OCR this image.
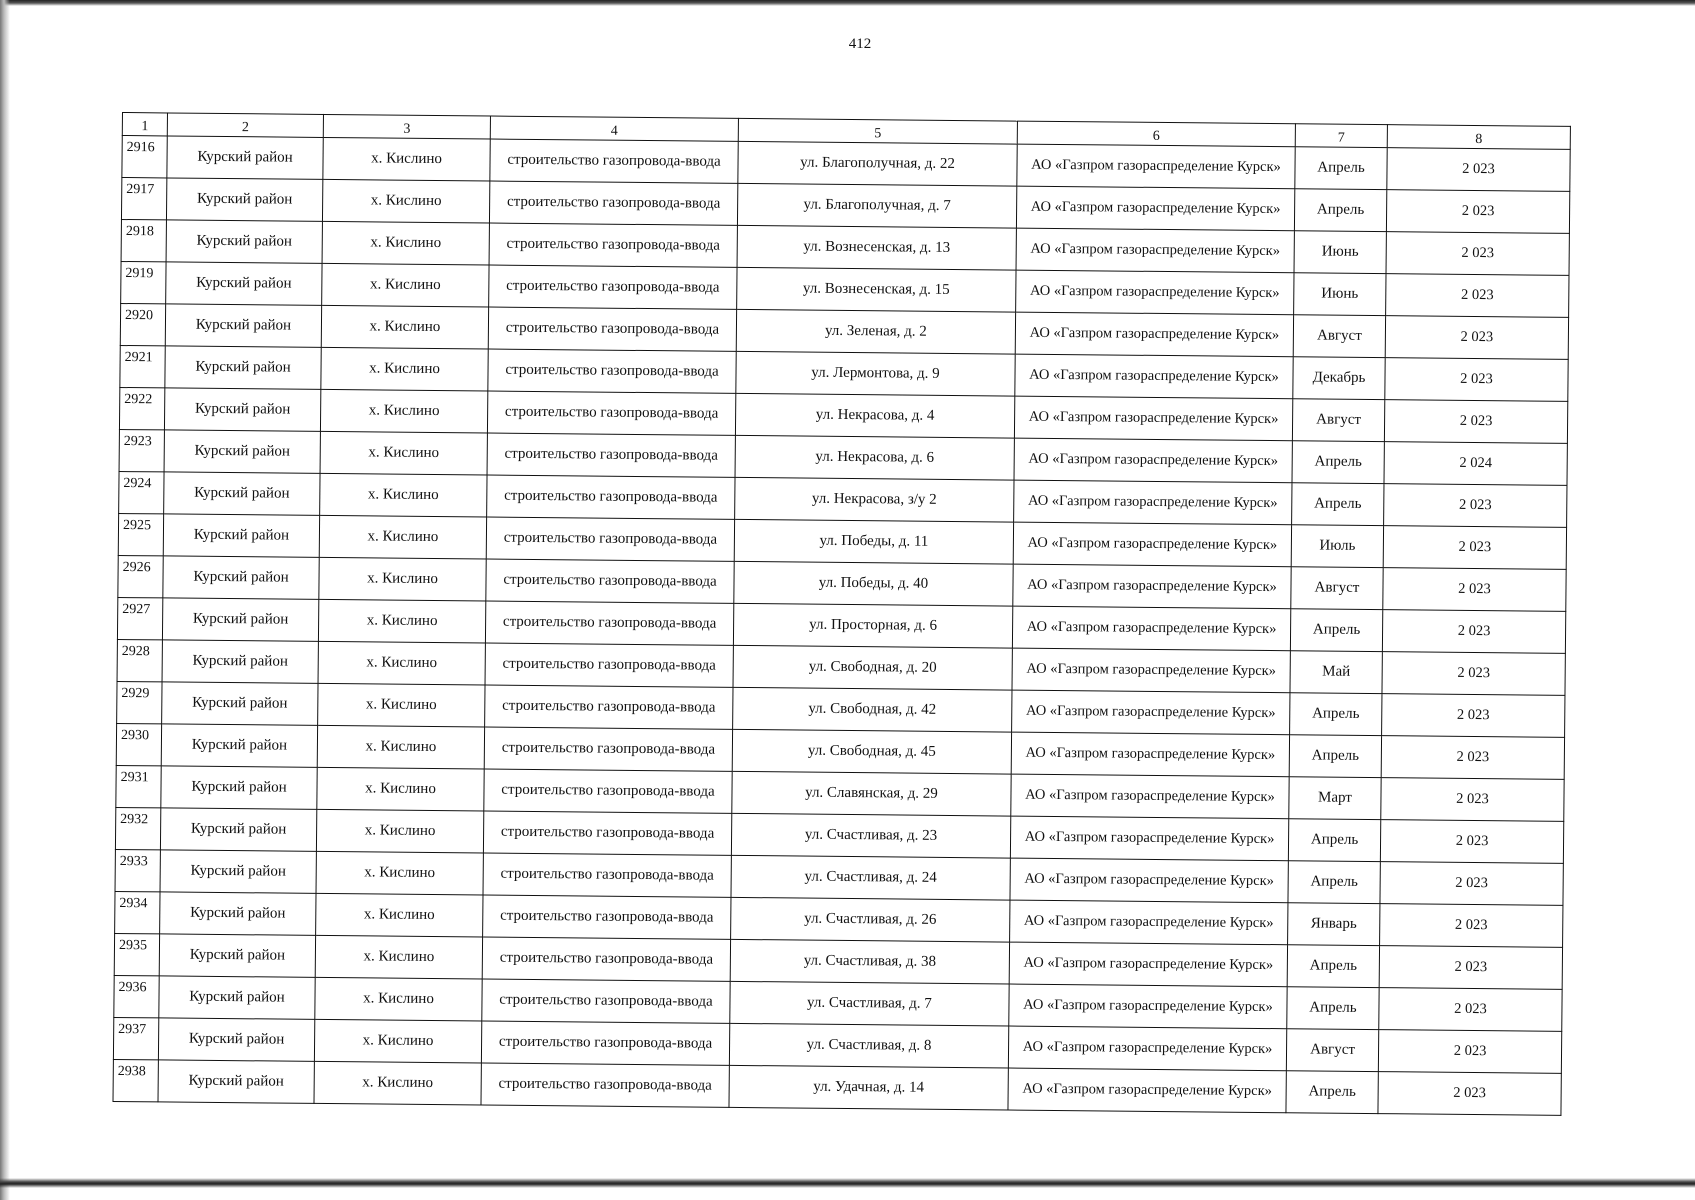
412
1	2	3	4	5	6	7	8
2916	Курский район	х. Кислино	строительство газопровода-ввода	ул. Благополучная, д. 22	АО «Газпром газораспределение Курск»	Апрель	2 023
2917	Курский район	х. Кислино	строительство газопровода-ввода	ул. Благополучная, д. 7	АО «Газпром газораспределение Курск»	Апрель	2 023
2918	Курский район	х. Кислино	строительство газопровода-ввода	ул. Вознесенская, д. 13	АО «Газпром газораспределение Курск»	Июнь	2 023
2919	Курский район	х. Кислино	строительство газопровода-ввода	ул. Вознесенская, д. 15	АО «Газпром газораспределение Курск»	Июнь	2 023
2920	Курский район	х. Кислино	строительство газопровода-ввода	ул. Зеленая, д. 2	АО «Газпром газораспределение Курск»	Август	2 023
2921	Курский район	х. Кислино	строительство газопровода-ввода	ул. Лермонтова, д. 9	АО «Газпром газораспределение Курск»	Декабрь	2 023
2922	Курский район	х. Кислино	строительство газопровода-ввода	ул. Некрасова, д. 4	АО «Газпром газораспределение Курск»	Август	2 023
2923	Курский район	х. Кислино	строительство газопровода-ввода	ул. Некрасова, д. 6	АО «Газпром газораспределение Курск»	Апрель	2 024
2924	Курский район	х. Кислино	строительство газопровода-ввода	ул. Некрасова, з/у 2	АО «Газпром газораспределение Курск»	Апрель	2 023
2925	Курский район	х. Кислино	строительство газопровода-ввода	ул. Победы, д. 11	АО «Газпром газораспределение Курск»	Июль	2 023
2926	Курский район	х. Кислино	строительство газопровода-ввода	ул. Победы, д. 40	АО «Газпром газораспределение Курск»	Август	2 023
2927	Курский район	х. Кислино	строительство газопровода-ввода	ул. Просторная, д. 6	АО «Газпром газораспределение Курск»	Апрель	2 023
2928	Курский район	х. Кислино	строительство газопровода-ввода	ул. Свободная, д. 20	АО «Газпром газораспределение Курск»	Май	2 023
2929	Курский район	х. Кислино	строительство газопровода-ввода	ул. Свободная, д. 42	АО «Газпром газораспределение Курск»	Апрель	2 023
2930	Курский район	х. Кислино	строительство газопровода-ввода	ул. Свободная, д. 45	АО «Газпром газораспределение Курск»	Апрель	2 023
2931	Курский район	х. Кислино	строительство газопровода-ввода	ул. Славянская, д. 29	АО «Газпром газораспределение Курск»	Март	2 023
2932	Курский район	х. Кислино	строительство газопровода-ввода	ул. Счастливая, д. 23	АО «Газпром газораспределение Курск»	Апрель	2 023
2933	Курский район	х. Кислино	строительство газопровода-ввода	ул. Счастливая, д. 24	АО «Газпром газораспределение Курск»	Апрель	2 023
2934	Курский район	х. Кислино	строительство газопровода-ввода	ул. Счастливая, д. 26	АО «Газпром газораспределение Курск»	Январь	2 023
2935	Курский район	х. Кислино	строительство газопровода-ввода	ул. Счастливая, д. 38	АО «Газпром газораспределение Курск»	Апрель	2 023
2936	Курский район	х. Кислино	строительство газопровода-ввода	ул. Счастливая, д. 7	АО «Газпром газораспределение Курск»	Апрель	2 023
2937	Курский район	х. Кислино	строительство газопровода-ввода	ул. Счастливая, д. 8	АО «Газпром газораспределение Курск»	Август	2 023
2938	Курский район	х. Кислино	строительство газопровода-ввода	ул. Удачная, д. 14	АО «Газпром газораспределение Курск»	Апрель	2 023
